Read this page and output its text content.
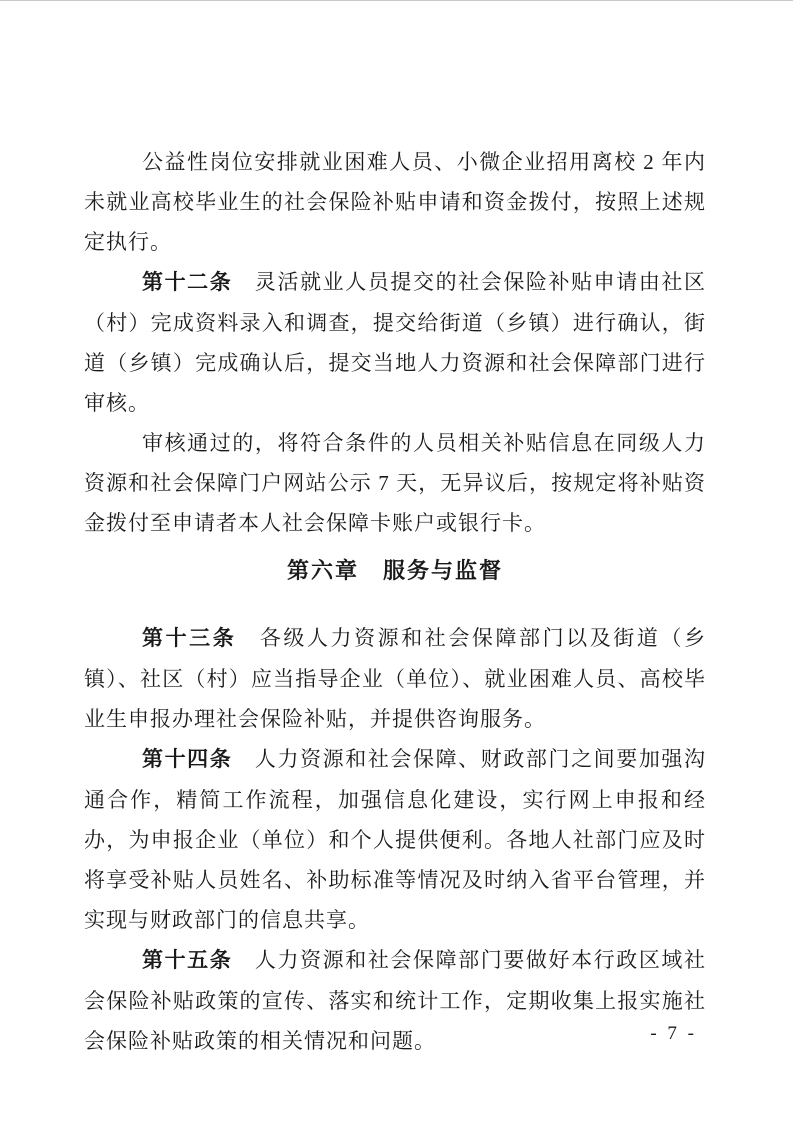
公益性岗位安排就业困难人员、小微企业招用离校 2 年内未就业高校毕业生的社会保险补贴申请和资金拨付，按照上述规定执行。

第十二条　灵活就业人员提交的社会保险补贴申请由社区（村）完成资料录入和调查，提交给街道（乡镇）进行确认，街道（乡镇）完成确认后，提交当地人力资源和社会保障部门进行审核。

审核通过的，将符合条件的人员相关补贴信息在同级人力资源和社会保障门户网站公示 7 天，无异议后，按规定将补贴资金拨付至申请者本人社会保障卡账户或银行卡。

第六章　服务与监督

第十三条　各级人力资源和社会保障部门以及街道（乡镇）、社区（村）应当指导企业（单位）、就业困难人员、高校毕业生申报办理社会保险补贴，并提供咨询服务。

第十四条　人力资源和社会保障、财政部门之间要加强沟通合作，精简工作流程，加强信息化建设，实行网上申报和经办，为申报企业（单位）和个人提供便利。各地人社部门应及时将享受补贴人员姓名、补助标准等情况及时纳入省平台管理，并实现与财政部门的信息共享。

第十五条　人力资源和社会保障部门要做好本行政区域社会保险补贴政策的宣传、落实和统计工作，定期收集上报实施社会保险补贴政策的相关情况和问题。	- 7 -
